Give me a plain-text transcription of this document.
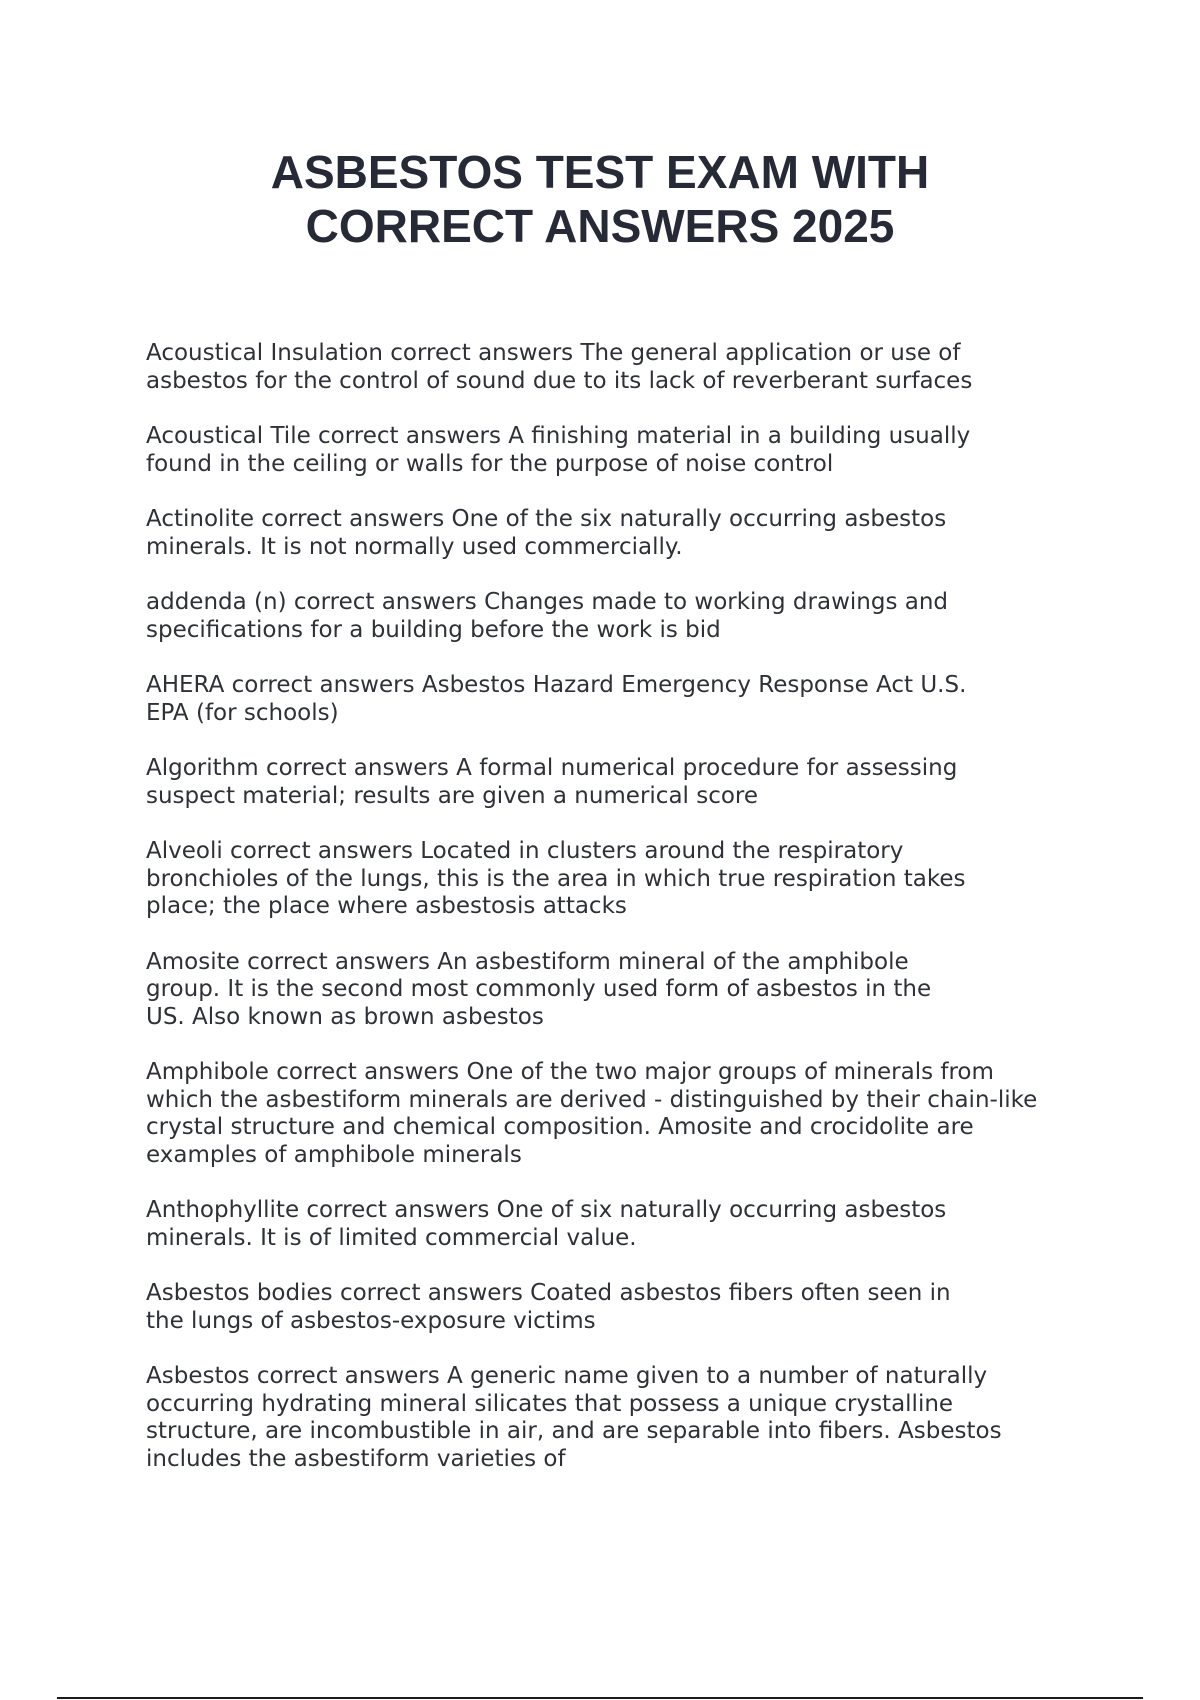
ASBESTOS TEST EXAM WITH
CORRECT ANSWERS 2025
Acoustical Insulation correct answers The general application or use of
asbestos for the control of sound due to its lack of reverberant surfaces
Acoustical Tile correct answers A finishing material in a building usually
found in the ceiling or walls for the purpose of noise control
Actinolite correct answers One of the six naturally occurring asbestos
minerals. It is not normally used commercially.
addenda (n) correct answers Changes made to working drawings and
specifications for a building before the work is bid
AHERA correct answers Asbestos Hazard Emergency Response Act U.S.
EPA (for schools)
Algorithm correct answers A formal numerical procedure for assessing
suspect material; results are given a numerical score
Alveoli correct answers Located in clusters around the respiratory
bronchioles of the lungs, this is the area in which true respiration takes
place; the place where asbestosis attacks
Amosite correct answers An asbestiform mineral of the amphibole
group. It is the second most commonly used form of asbestos in the
US. Also known as brown asbestos
Amphibole correct answers One of the two major groups of minerals from
which the asbestiform minerals are derived - distinguished by their chain-like
crystal structure and chemical composition. Amosite and crocidolite are
examples of amphibole minerals
Anthophyllite correct answers One of six naturally occurring asbestos
minerals. It is of limited commercial value.
Asbestos bodies correct answers Coated asbestos fibers often seen in
the lungs of asbestos-exposure victims
Asbestos correct answers A generic name given to a number of naturally
occurring hydrating mineral silicates that possess a unique crystalline
structure, are incombustible in air, and are separable into fibers. Asbestos
includes the asbestiform varieties of
